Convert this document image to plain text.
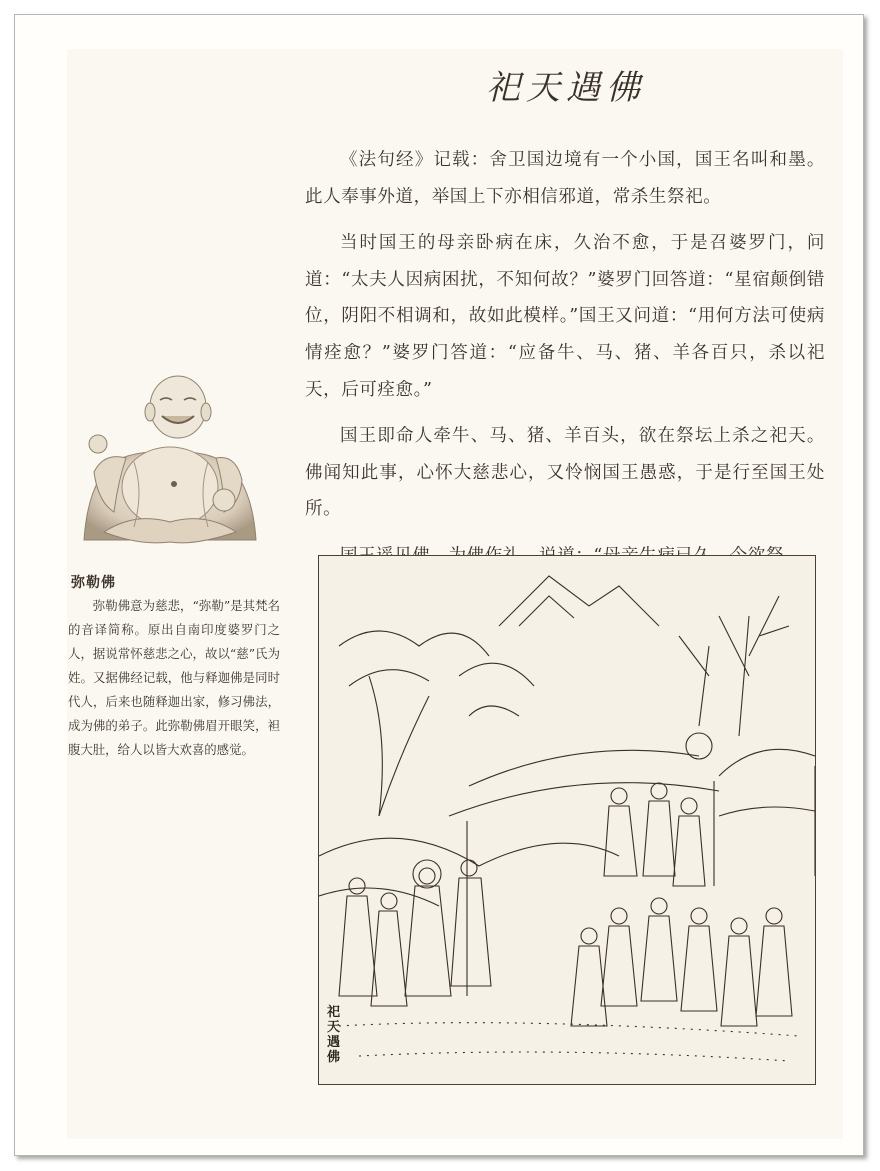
祀天遇佛

《法句经》记载：舍卫国边境有一个小国，国王名叫和墨。此人奉事外道，举国上下亦相信邪道，常杀生祭祀。

当时国王的母亲卧病在床，久治不愈，于是召婆罗门，问道：“太夫人因病困扰，不知何故？”婆罗门回答道：“星宿颠倒错位，阴阳不相调和，故如此模样。”国王又问道：“用何方法可使病情痊愈？”婆罗门答道：“应备牛、马、猪、羊各百只，杀以祀天，后可痊愈。”

国王即命人牵牛、马、猪、羊百头，欲在祭坛上杀之祀天。佛闻知此事，心怀大慈悲心，又怜悯国王愚惑，于是行至国王处所。

国王遥见佛，为佛作礼，说道：“母亲生病已久，今欲祭

弥勒佛
弥勒佛意为慈悲，“弥勒”是其梵名的音译简称。原出自南印度婆罗门之人，据说常怀慈悲之心，故以“慈”氏为姓。又据佛经记载，他与释迦佛是同时代人，后来也随释迦出家，修习佛法，成为佛的弟子。此弥勒佛眉开眼笑，袒腹大肚，给人以皆大欢喜的感觉。
祀天遇佛
